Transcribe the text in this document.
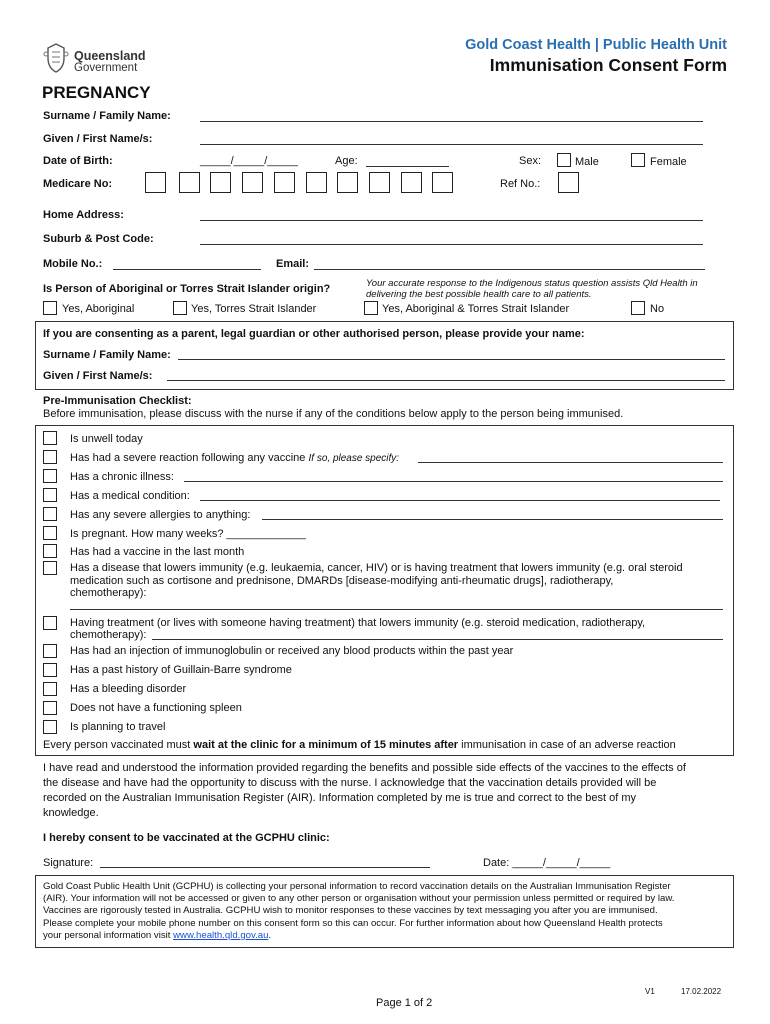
Queensland
Government
Gold Coast Health | Public Health Unit
Immunisation Consent Form
PREGNANCY
Surname / Family Name:
Given / First Name/s:
Date of Birth:	_____/_____/_____	Age:	Sex:	Male	Female
Medicare No:	Ref No.:
Home Address:
Suburb & Post Code:
Mobile No.:	Email:
Is Person of Aboriginal or Torres Strait Islander origin?	Your accurate response to the Indigenous status question assists Qld Health in
delivering the best possible health care to all patients.
Yes, Aboriginal	Yes, Torres Strait Islander	Yes, Aboriginal & Torres Strait Islander	No
If you are consenting as a parent, legal guardian or other authorised person, please provide your name:
Surname / Family Name:
Given / First Name/s:
Pre-Immunisation Checklist:
Before immunisation, please discuss with the nurse if any of the conditions below apply to the person being immunised.
Is unwell today
Has had a severe reaction following any vaccine If so, please specify:
Has a chronic illness:
Has a medical condition:
Has any severe allergies to anything:
Is pregnant. How many weeks? _____________
Has had a vaccine in the last month
Has a disease that lowers immunity (e.g. leukaemia, cancer, HIV) or is having treatment that lowers immunity (e.g. oral steroid
medication such as cortisone and prednisone, DMARDs [disease-modifying anti-rheumatic drugs], radiotherapy,
chemotherapy):
Having treatment (or lives with someone having treatment) that lowers immunity (e.g. steroid medication, radiotherapy,
chemotherapy):
Has had an injection of immunoglobulin or received any blood products within the past year
Has a past history of Guillain-Barre syndrome
Has a bleeding disorder
Does not have a functioning spleen
Is planning to travel
Every person vaccinated must wait at the clinic for a minimum of 15 minutes after immunisation in case of an adverse reaction
I have read and understood the information provided regarding the benefits and possible side effects of the vaccines to the effects of
the disease and have had the opportunity to discuss with the nurse. I acknowledge that the vaccination details provided will be
recorded on the Australian Immunisation Register (AIR). Information completed by me is true and correct to the best of my
knowledge.
I hereby consent to be vaccinated at the GCPHU clinic:
Signature:	Date: _____/_____/_____
Gold Coast Public Health Unit (GCPHU) is collecting your personal information to record vaccination details on the Australian Immunisation Register
(AIR). Your information will not be accessed or given to any other person or organisation without your permission unless permitted or required by law.
Vaccines are rigorously tested in Australia. GCPHU wish to monitor responses to these vaccines by text messaging you after you are immunised.
Please complete your mobile phone number on this consent form so this can occur. For further information about how Queensland Health protects
your personal information visit www.health.qld.gov.au.
V1	17.02.2022
Page 1 of 2
